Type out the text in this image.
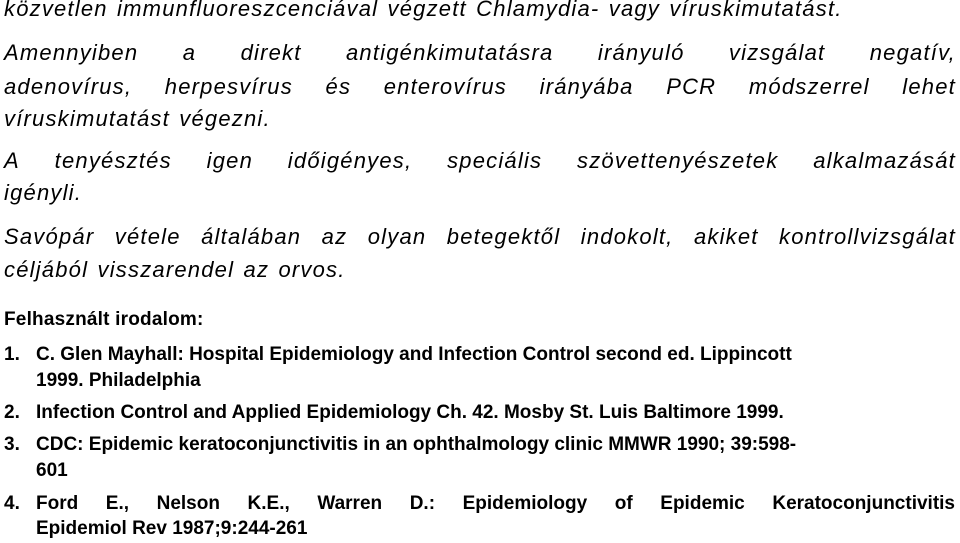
közvetlen immunfluoreszcenciával végzett Chlamydia- vagy víruskimutatást.
Amennyiben a direkt antigénkimutatásra irányuló vizsgálat negatív,
adenovírus, herpesvírus és enterovírus irányába PCR módszerrel lehet
víruskimutatást végezni.
A tenyésztés igen időigényes, speciális szövettenyészetek alkalmazását
igényli.
Savópár vétele általában az olyan betegektől indokolt, akiket kontrollvizsgálat
céljából visszarendel az orvos.
Felhasznált irodalom:
1. C. Glen Mayhall: Hospital Epidemiology and Infection Control second ed. Lippincott
1999. Philadelphia
2. Infection Control and Applied Epidemiology Ch. 42. Mosby St. Luis Baltimore 1999.
3. CDC: Epidemic keratoconjunctivitis in an ophthalmology clinic MMWR 1990; 39:598-
601
4. Ford E., Nelson K.E., Warren D.: Epidemiology of Epidemic Keratoconjunctivitis
Epidemiol Rev 1987;9:244-261
